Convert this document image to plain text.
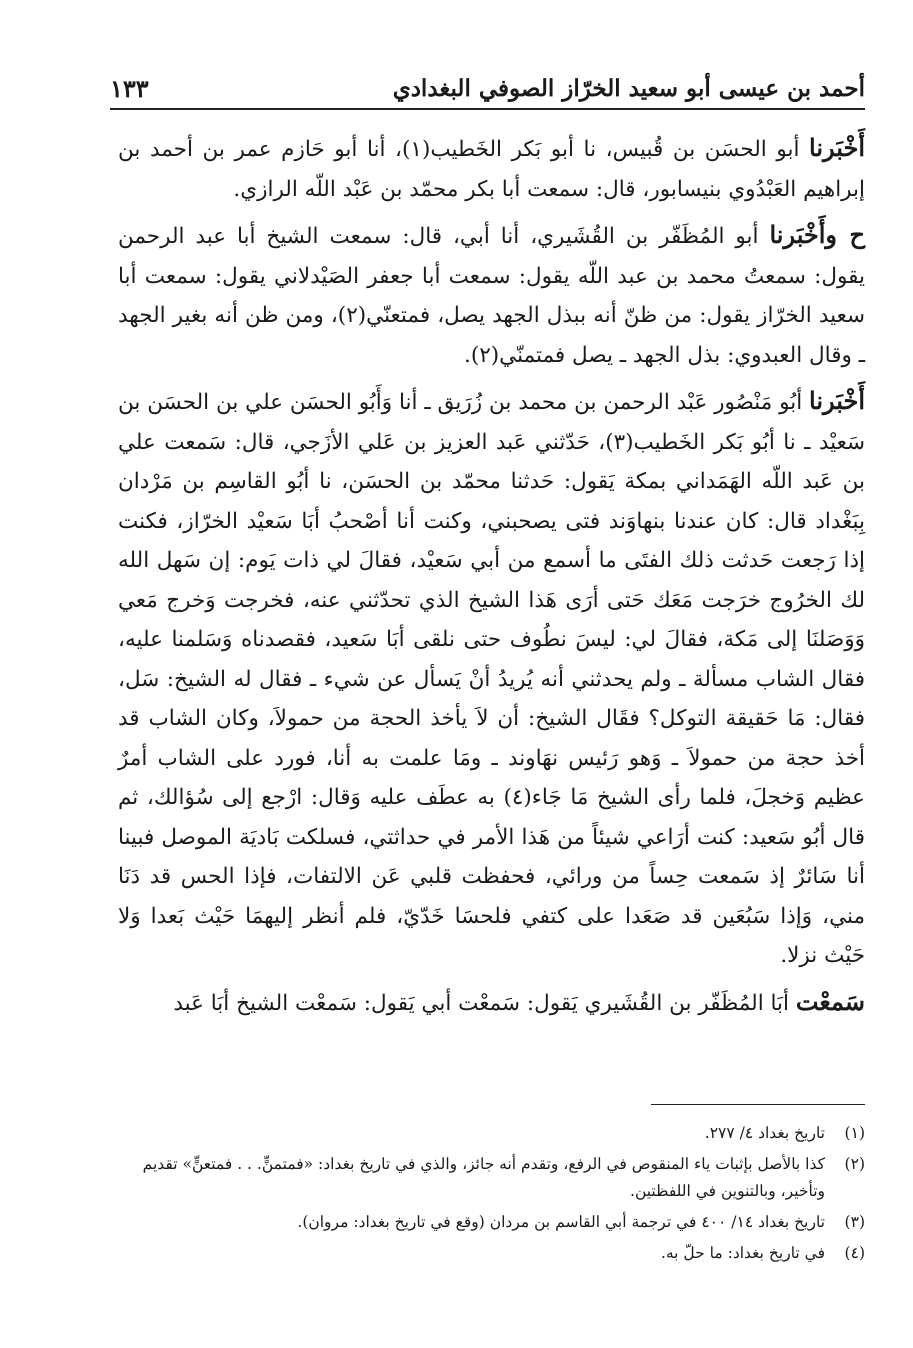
أحمد بن عيسى أبو سعيد الخرّاز الصوفي البغدادي
١٣٣

أَخْبَرنا أبو الحسَن بن قُبيس، نا أبو بَكر الخَطيب(١)، أنا أبو حَازم عمر بن أحمد بن إبراهيم العَبْدُوي بنيسابور، قال: سمعت أبا بكر محمّد بن عَبْد اللّه الرازي.

ح وأَخْبَرنا أبو المُظَفّر بن القُشَيري، أنا أبي، قال: سمعت الشيخ أبا عبد الرحمن يقول: سمعتُ محمد بن عبد اللّه يقول: سمعت أبا جعفر الصَيْدلاني يقول: سمعت أبا سعيد الخرّاز يقول: من ظنّ أنه ببذل الجهد يصل، فمتعنّي(٢)، ومن ظن أنه بغير الجهد ـ وقال العبدوي: بذل الجهد ـ يصل فمتمنّي(٢).

أَخْبَرنا أبُو مَنْصُور عَبْد الرحمن بن محمد بن زُرَيق ـ أنا وَأَبُو الحسَن علي بن الحسَن بن سَعيْد ـ نا أبُو بَكر الخَطيب(٣)، حَدّثني عَبد العزيز بن عَلي الأزَجي، قال: سَمعت علي بن عَبد اللّه الهَمَداني بمكة يَقول: حَدثنا محمّد بن الحسَن، نا أبُو القاسِم بن مَرْدان بِبَغْداد قال: كان عندنا بنهاوَند فتى يصحبني، وكنت أنا أصْحبُ أبَا سَعيْد الخرّاز، فكنت إذا رَجعت حَدثت ذلك الفتَى ما أسمع من أبي سَعيْد، فقالَ لي ذات يَوم: إن سَهل الله لك الخرُوج خرَجت مَعَك حَتى أرَى هَذا الشيخ الذي تحدّثني عنه، فخرجت وَخرج مَعي وَوَصَلنَا إلى مَكة، فقالَ لي: ليسَ نطُوف حتى نلقى أبَا سَعيد، فقصدناه وَسَلمنا عليه، فقال الشاب مسألة ـ ولم يحدثني أنه يُريدُ أنْ يَسأل عن شيء ـ فقال له الشيخ: سَل، فقال: مَا حَقيقة التوكل؟ فقَال الشيخ: أن لاَ يأخذ الحجة من حمولاَ، وكان الشاب قد أخذ حجة من حمولاَ ـ وَهو رَئيس نهَاوند ـ ومَا علمت به أنا، فورد على الشاب أمرٌ عظيم وَخجلَ، فلما رأى الشيخ مَا جَاء(٤) به عطَف عليه وَقال: ارْجع إلى سُؤالك، ثم قال أبُو سَعيد: كنت أرَاعي شيئاً من هَذا الأمر في حداثتي، فسلكت بَاديَة الموصل فبينا أنا سَائرٌ إذ سَمعت حِساً من ورائي، فحفظت قلبي عَن الالتفات، فإذا الحس قد دَنَا مني، وَإذا سَبُعَين قد صَعَدا على كتفي فلحسَا خَدّيّ، فلم أنظر إليهمَا حَيْث بَعدا وَلا حَيْث نزلا.

سَمعْت أبَا المُظَفّر بن القُشَيري يَقول: سَمعْت أبي يَقول: سَمعْت الشيخ أبَا عَبد

(١)
تاريخ بغداد ٤/ ٢٧٧.
(٢)
كذا بالأصل بإثبات ياء المنقوص في الرفع، وتقدم أنه جائز، والذي في تاريخ بغداد: «فمتمنٍّ. . . فمتعنٍّ» تقديم وتأخير، وبالتنوين في اللفظتين.
(٣)
تاريخ بغداد ١٤/ ٤٠٠ في ترجمة أبي القاسم بن مردان (وقع في تاريخ بغداد: مروان).
(٤)
في تاريخ بغداد: ما حلّ به.
